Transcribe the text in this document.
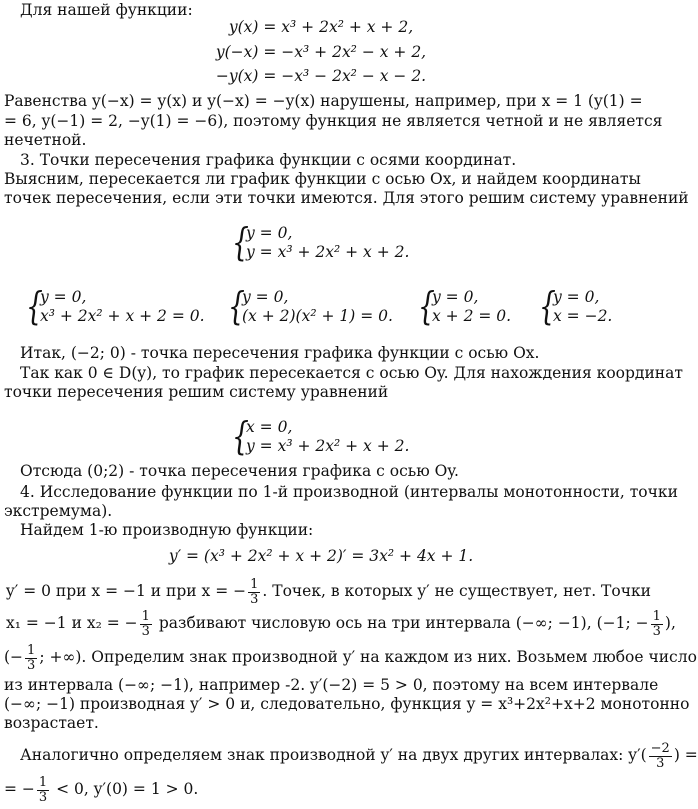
Для нашей функции:
y(x) = x³ + 2x² + x + 2,
y(−x) = −x³ + 2x² − x + 2,
−y(x) = −x³ − 2x² − x − 2.
Равенства y(−x) = y(x) и y(−x) = −y(x) нарушены, например, при x = 1 (y(1) =
= 6, y(−1) = 2, −y(1) = −6), поэтому функция не является четной и не является
нечетной.
3. Точки пересечения графика функции с осями координат.
Выясним, пересекается ли график функции с осью Ox, и найдем координаты
точек пересечения, если эти точки имеются. Для этого решим систему уравнений
{
y = 0,
y = x³ + 2x² + x + 2.
{
y = 0,
x³ + 2x² + x + 2 = 0. {
y = 0,
(x + 2)(x² + 1) = 0. {
y = 0,
x + 2 = 0. {
y = 0,
x = −2.
Итак, (−2; 0) - точка пересечения графика функции с осью Ox.
Так как 0 ∈ D(y), то график пересекается с осью Oy. Для нахождения координат
точки пересечения решим систему уравнений
{
x = 0,
y = x³ + 2x² + x + 2.
Отсюда (0;2) - точка пересечения графика с осью Oy.
4. Исследование функции по 1-й производной (интервалы монотонности, точки
экстремума).
Найдем 1-ю производную функции:
y′ = (x³ + 2x² + x + 2)′ = 3x² + 4x + 1.
y′ = 0 при x = −1 и при x = − $\frac{1}{3}$ . Точек, в которых y′ не существует, нет. Точки
x₁ = −1 и x₂ = − $\frac{1}{3}$ разбивают числовую ось на три интервала (−∞; −1), (−1; − $\frac{1}{3}$ ),
(− $\frac{1}{3}$ ; +∞). Определим знак производной y′ на каждом из них. Возьмем любое число
из интервала (−∞; −1), например -2. y′(−2) = 5 > 0, поэтому на всем интервале
(−∞; −1) производная y′ > 0 и, следовательно, функция y = x³+2x²+x+2 монотонно
возрастает.
Аналогично определяем знак производной y′ на двух других интервалах: $y'( \frac{-2}{3}$ ) =
= − $\frac{1}{3} < 0$, y′(0) = 1 > 0.
